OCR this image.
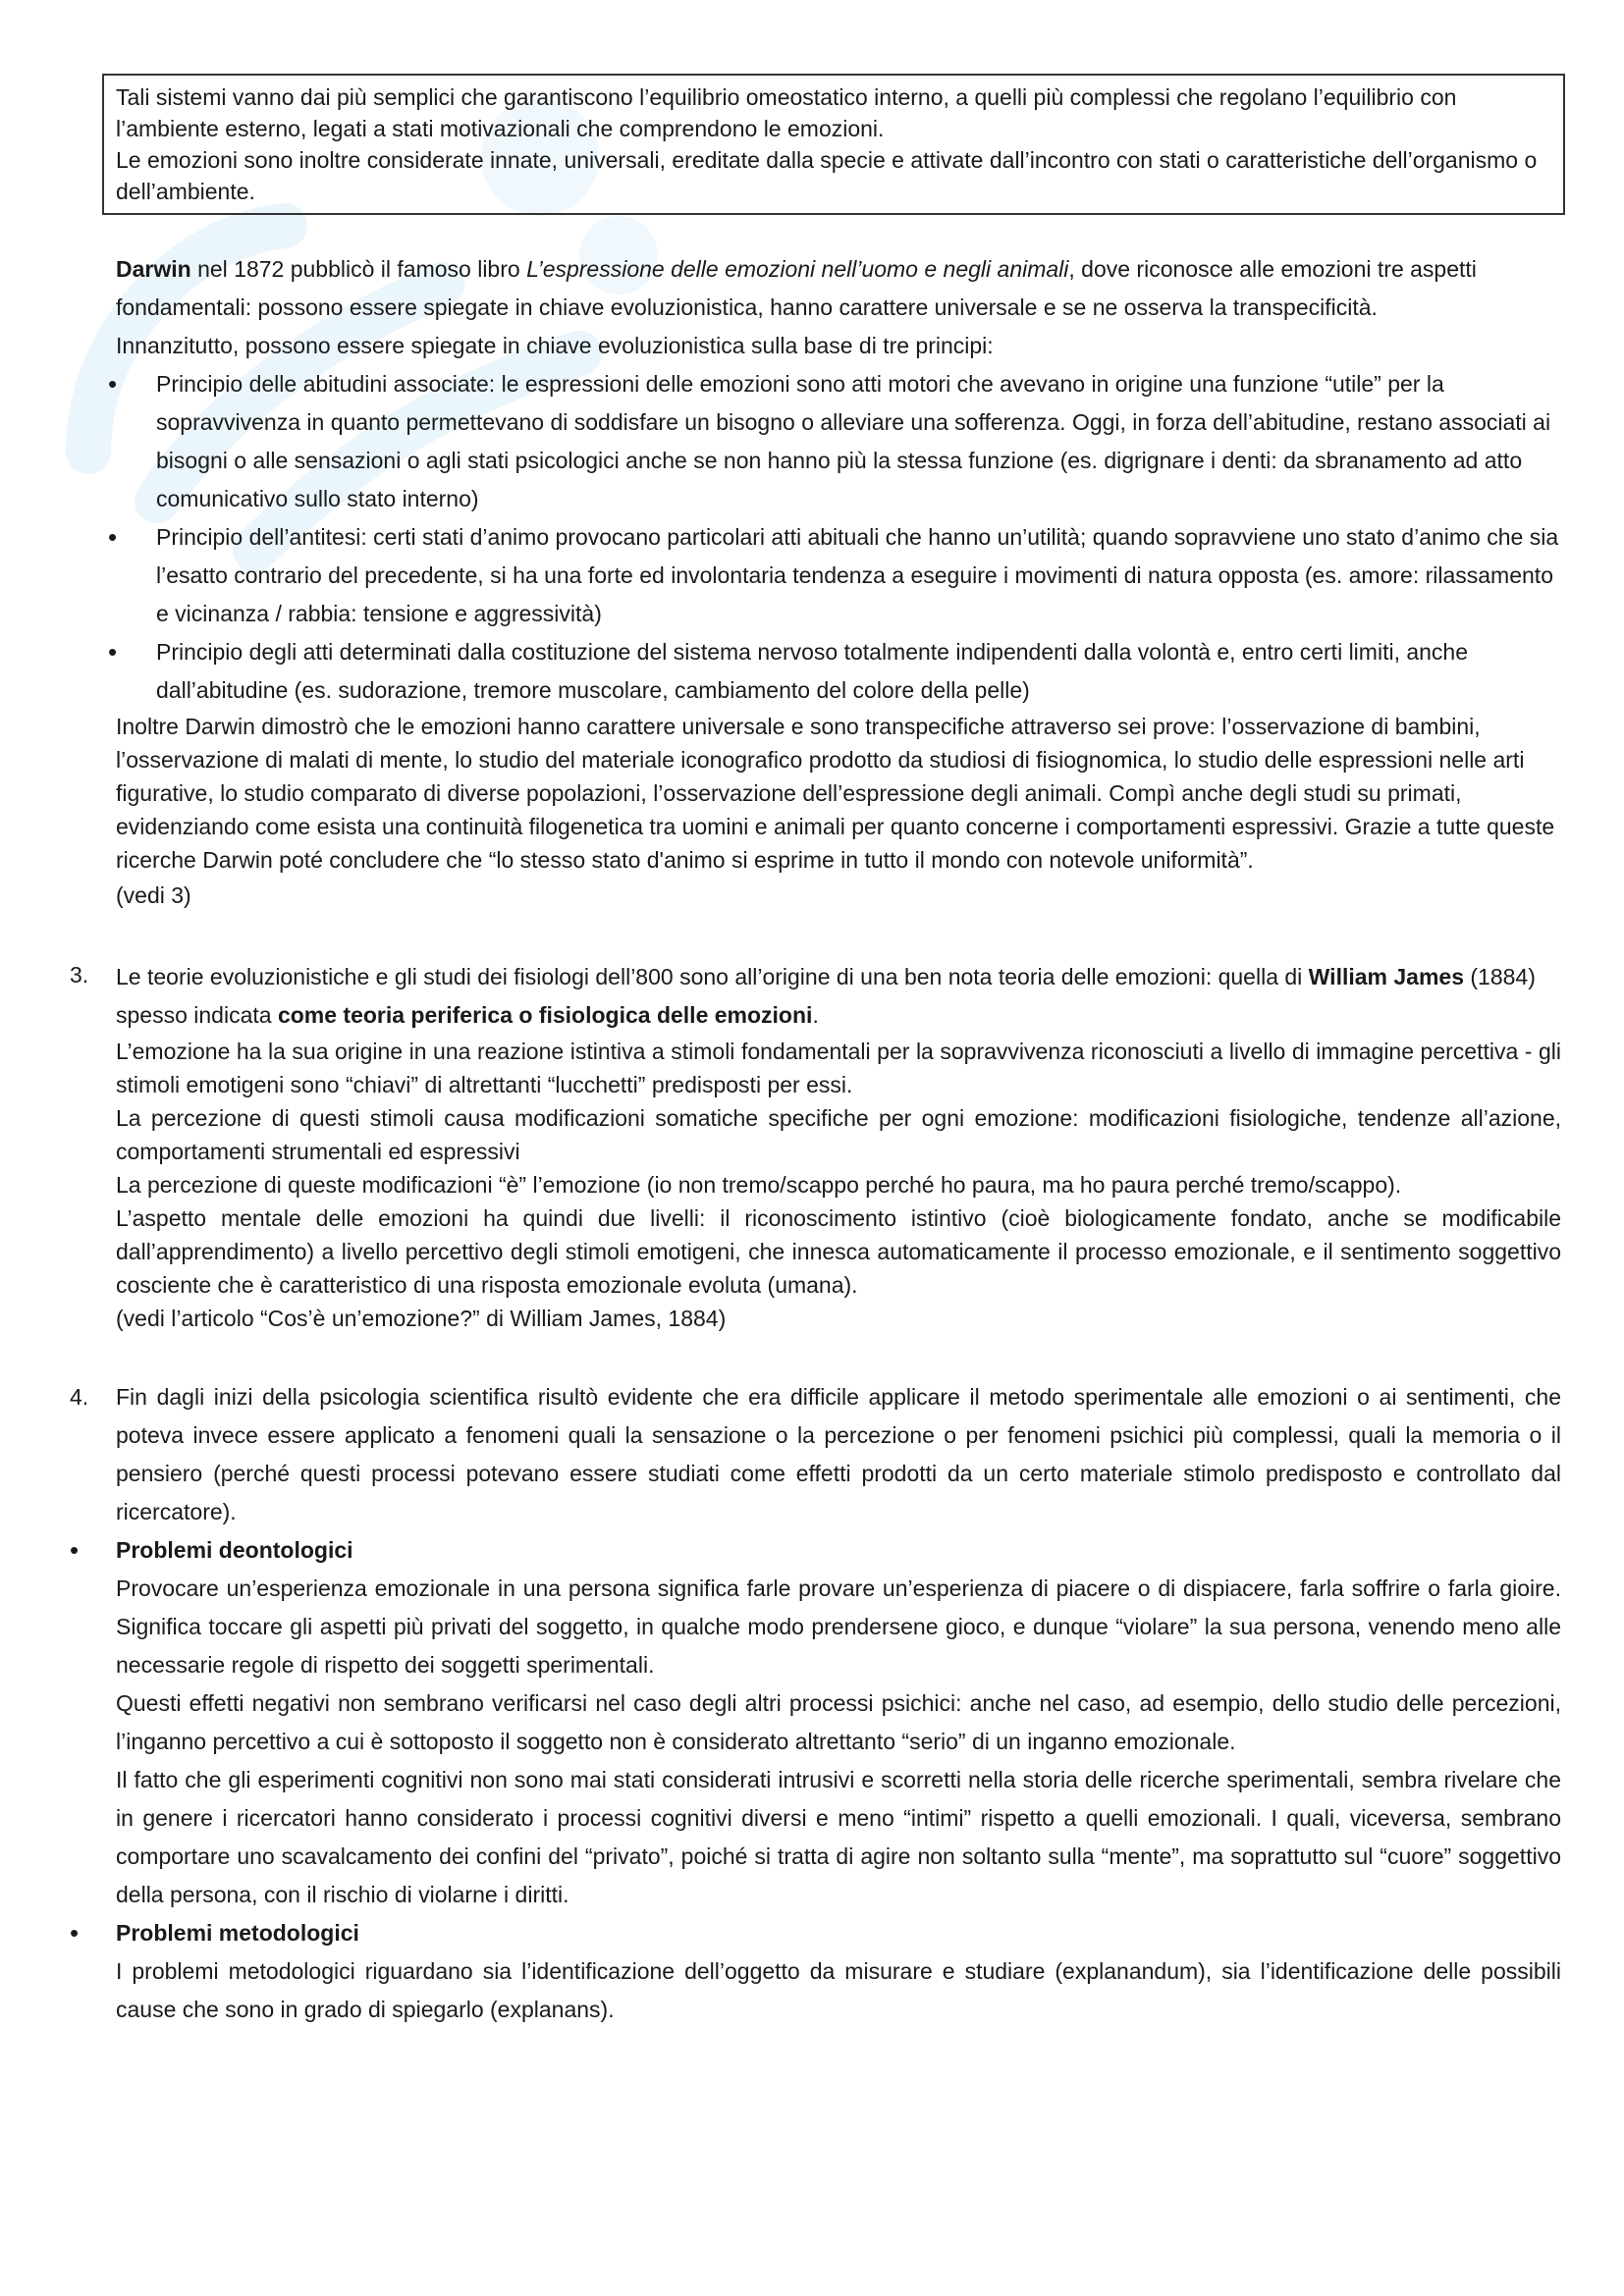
Tali sistemi vanno dai più semplici che garantiscono l’equilibrio omeostatico interno, a quelli più complessi che regolano l’equilibrio con l’ambiente esterno, legati a stati motivazionali che comprendono le emozioni.

Le emozioni sono inoltre considerate innate, universali, ereditate dalla specie e attivate dall’incontro con stati o caratteristiche dell’organismo o dell’ambiente.

Darwin nel 1872 pubblicò il famoso libro L’espressione delle emozioni nell’uomo e negli animali, dove riconosce alle emozioni tre aspetti fondamentali: possono essere spiegate in chiave evoluzionistica, hanno carattere universale e se ne osserva la transpecificità.

Innanzitutto, possono essere spiegate in chiave evoluzionistica sulla base di tre principi:

• Principio delle abitudini associate: le espressioni delle emozioni sono atti motori che avevano in origine una funzione “utile” per la sopravvivenza in quanto permettevano di soddisfare un bisogno o alleviare una sofferenza. Oggi, in forza dell’abitudine, restano associati ai bisogni o alle sensazioni o agli stati psicologici anche se non hanno più la stessa funzione (es. digrignare i denti: da sbranamento ad atto comunicativo sullo stato interno)
• Principio dell’antitesi: certi stati d’animo provocano particolari atti abituali che hanno un’utilità; quando sopravviene uno stato d’animo che sia l’esatto contrario del precedente, si ha una forte ed involontaria tendenza a eseguire i movimenti di natura opposta (es. amore: rilassamento e vicinanza / rabbia: tensione e aggressività)
• Principio degli atti determinati dalla costituzione del sistema nervoso totalmente indipendenti dalla volontà e, entro certi limiti, anche dall’abitudine (es. sudorazione, tremore muscolare, cambiamento del colore della pelle)

Inoltre Darwin dimostrò che le emozioni hanno carattere universale e sono transpecifiche attraverso sei prove: l’osservazione di bambini, l’osservazione di malati di mente, lo studio del materiale iconografico prodotto da studiosi di fisiognomica, lo studio delle espressioni nelle arti figurative, lo studio comparato di diverse popolazioni, l’osservazione dell’espressione degli animali. Compì anche degli studi su primati, evidenziando come esista una continuità filogenetica tra uomini e animali per quanto concerne i comportamenti espressivi. Grazie a tutte queste ricerche Darwin poté concludere che “lo stesso stato d'animo si esprime in tutto il mondo con notevole uniformità”.

(vedi 3)

3. Le teorie evoluzionistiche e gli studi dei fisiologi dell’800 sono all’origine di una ben nota teoria delle emozioni: quella di William James (1884) spesso indicata come teoria periferica o fisiologica delle emozioni.

L’emozione ha la sua origine in una reazione istintiva a stimoli fondamentali per la sopravvivenza riconosciuti a livello di immagine percettiva - gli stimoli emotigeni sono “chiavi” di altrettanti “lucchetti” predisposti per essi.

La percezione di questi stimoli causa modificazioni somatiche specifiche per ogni emozione: modificazioni fisiologiche, tendenze all’azione, comportamenti strumentali ed espressivi

La percezione di queste modificazioni “è” l’emozione (io non tremo/scappo perché ho paura, ma ho paura perché tremo/scappo).

L’aspetto mentale delle emozioni ha quindi due livelli: il riconoscimento istintivo (cioè biologicamente fondato, anche se modificabile dall’apprendimento) a livello percettivo degli stimoli emotigeni, che innesca automaticamente il processo emozionale, e il sentimento soggettivo cosciente che è caratteristico di una risposta emozionale evoluta (umana).

(vedi l’articolo “Cos’è un’emozione?” di William James, 1884)

4. Fin dagli inizi della psicologia scientifica risultò evidente che era difficile applicare il metodo sperimentale alle emozioni o ai sentimenti, che poteva invece essere applicato a fenomeni quali la sensazione o la percezione o per fenomeni psichici più complessi, quali la memoria o il pensiero (perché questi processi potevano essere studiati come effetti prodotti da un certo materiale stimolo predisposto e controllato dal ricercatore).

• Problemi deontologici

Provocare un’esperienza emozionale in una persona significa farle provare un’esperienza di piacere o di dispiacere, farla soffrire o farla gioire. Significa toccare gli aspetti più privati del soggetto, in qualche modo prendersene gioco, e dunque “violare” la sua persona, venendo meno alle necessarie regole di rispetto dei soggetti sperimentali.

Questi effetti negativi non sembrano verificarsi nel caso degli altri processi psichici: anche nel caso, ad esempio, dello studio delle percezioni, l’inganno percettivo a cui è sottoposto il soggetto non è considerato altrettanto “serio” di un inganno emozionale.

Il fatto che gli esperimenti cognitivi non sono mai stati considerati intrusivi e scorretti nella storia delle ricerche sperimentali, sembra rivelare che in genere i ricercatori hanno considerato i processi cognitivi diversi e meno “intimi” rispetto a quelli emozionali. I quali, viceversa, sembrano comportare uno scavalcamento dei confini del “privato”, poiché si tratta di agire non soltanto sulla “mente”, ma soprattutto sul “cuore” soggettivo della persona, con il rischio di violarne i diritti.

• Problemi metodologici

I problemi metodologici riguardano sia l’identificazione dell’oggetto da misurare e studiare (explanandum), sia l’identificazione delle possibili cause che sono in grado di spiegarlo (explanans).
